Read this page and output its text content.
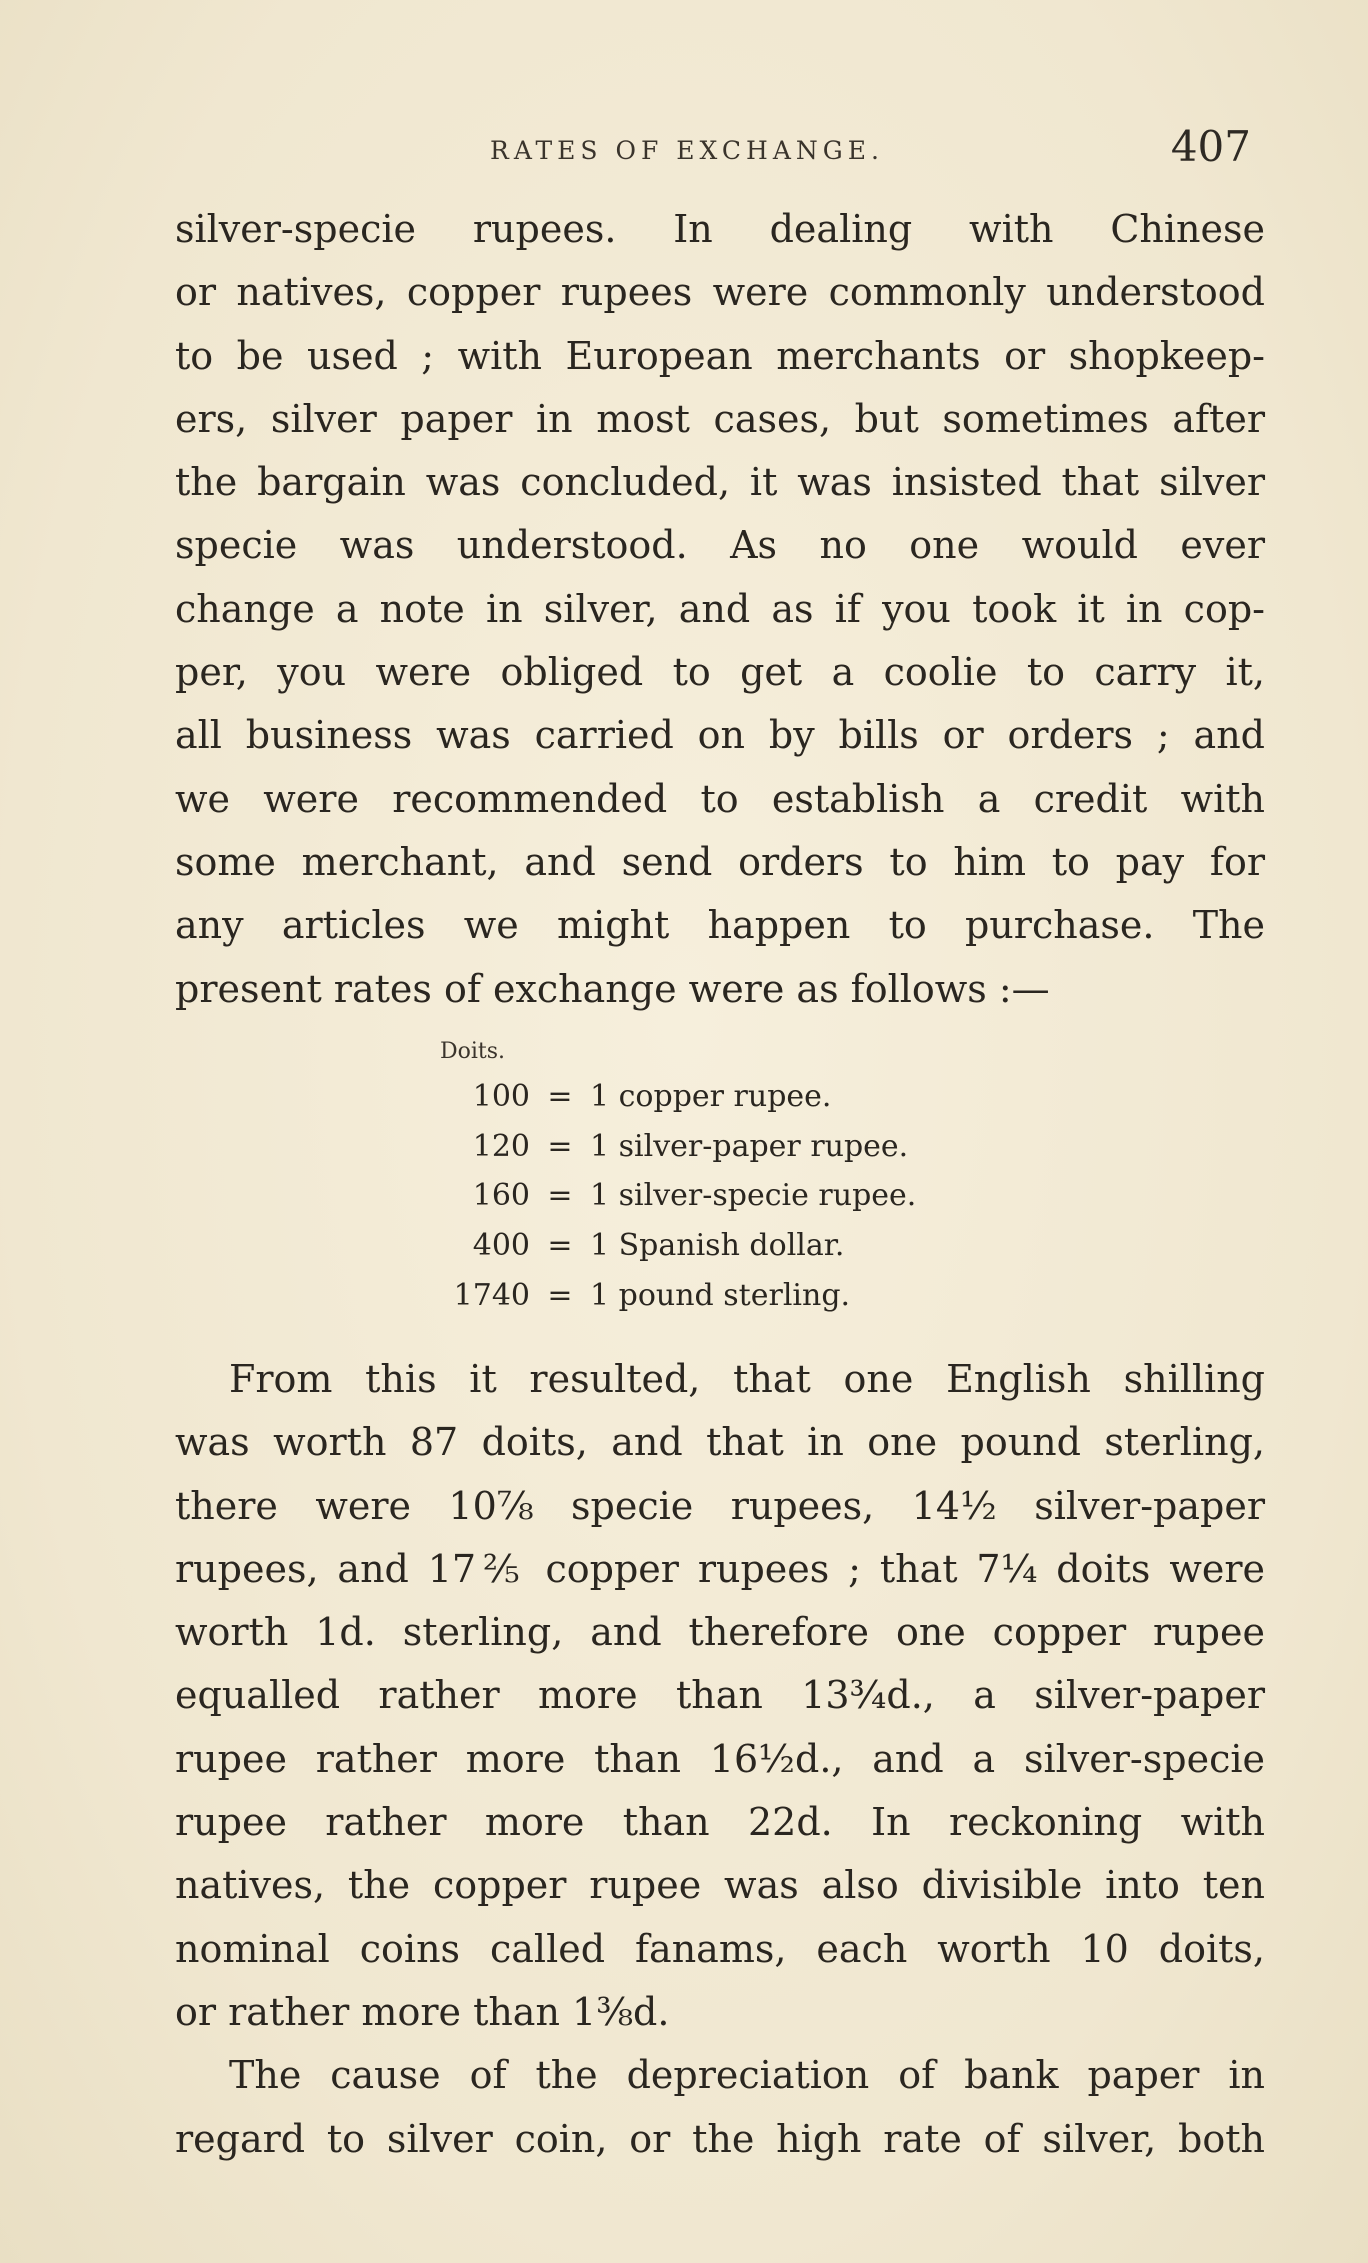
RATES OF EXCHANGE.	407
silver-specie rupees. In dealing with Chinese
or natives, copper rupees were commonly understood
to be used ; with European merchants or shopkeep-
ers, silver paper in most cases, but sometimes after
the bargain was concluded, it was insisted that silver
specie was understood. As no one would ever
change a note in silver, and as if you took it in cop-
per, you were obliged to get a coolie to carry it,
all business was carried on by bills or orders ; and
we were recommended to establish a credit with
some merchant, and send orders to him to pay for
any articles we might happen to purchase. The
present rates of exchange were as follows :—
Doits.
100 = 1 copper rupee.
120 = 1 silver-paper rupee.
160 = 1 silver-specie rupee.
400 = 1 Spanish dollar.
1740 = 1 pound sterling.
From this it resulted, that one English shilling
was worth 87 doits, and that in one pound sterling,
there were 10⅞ specie rupees, 14½ silver-paper
rupees, and 17⅖ copper rupees ; that 7¼ doits were
worth 1d. sterling, and therefore one copper rupee
equalled rather more than 13¾d., a silver-paper
rupee rather more than 16½d., and a silver-specie
rupee rather more than 22d. In reckoning with
natives, the copper rupee was also divisible into ten
nominal coins called fanams, each worth 10 doits,
or rather more than 1⅜d.
The cause of the depreciation of bank paper in
regard to silver coin, or the high rate of silver, both
